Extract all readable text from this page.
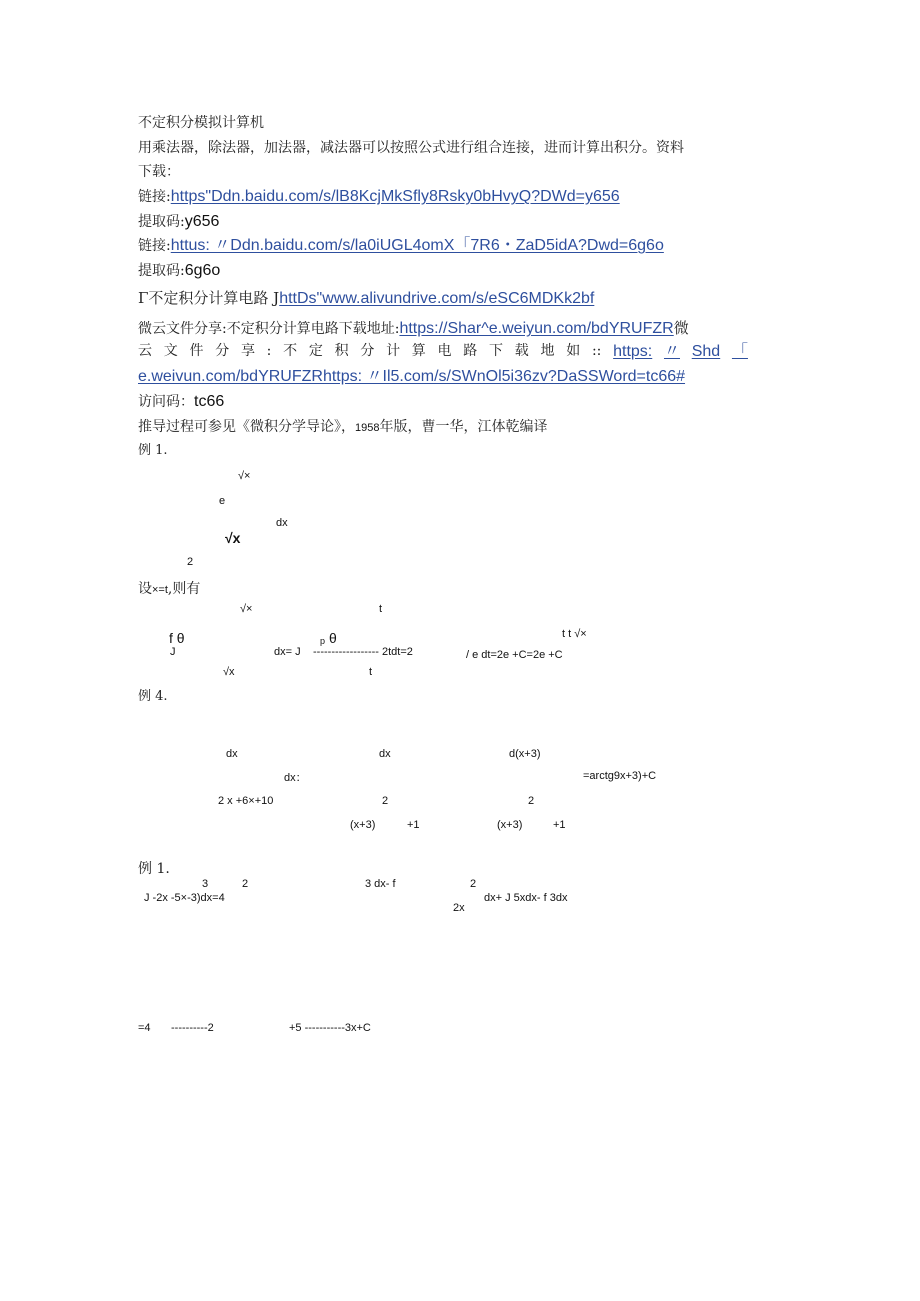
不定积分模拟计算机
用乘法器，除法器，加法器，减法器可以按照公式进行组合连接，进而计算出积分。资料
下载：
链接:https"Ddn.baidu.com/s/lB8KcjMkSfly8Rsky0bHvyQ?DWd=y656
提取码:y656
链接:httus: 〃Ddn.baidu.com/s/la0iUGL4omX「7R6・ZaD5idA?Dwd=6g6o
提取码:6g6o
Γ不定积分计算电路 JhttDs"www.alivundrive.com/s/eSC6MDKk2bf
微云文件分享:不定积分计算电路下载地址:https://Shar^e.weiyun.com/bdYRUFZR微
云 文 件 分 享 : 不 定 积 分 计 算 电 路 下 载 地 如 :: https: 〃 Shd 「
e.weivun.com/bdYRUFZRhttps: 〃Il5.com/s/SWnOl5i36zv?DaSSWord=tc66#
访问码：tc66
推导过程可参见《微积分学导论》，1958年版，曹一华，江体乾编译
例 1.
√×
e
dx
√x
2
设×=t,则有
√×	t
f θ
J	dx= J
p θ
------------------ 2tdt=2
t t √×
/ e dt=2e +C=2e +C
√x	t
例 4.
dx	dx	d(x+3)
dx：	=arctg9x+3)+C
2 x +6×+10	2	2
(x+3)	+1	(x+3)	+1
例 1.
3	2	3 dx- f	2
J -2x -5×-3)dx=4	dx+ J 5xdx- f 3dx
2x
=4 ----------2	+5 -----------3x+C
